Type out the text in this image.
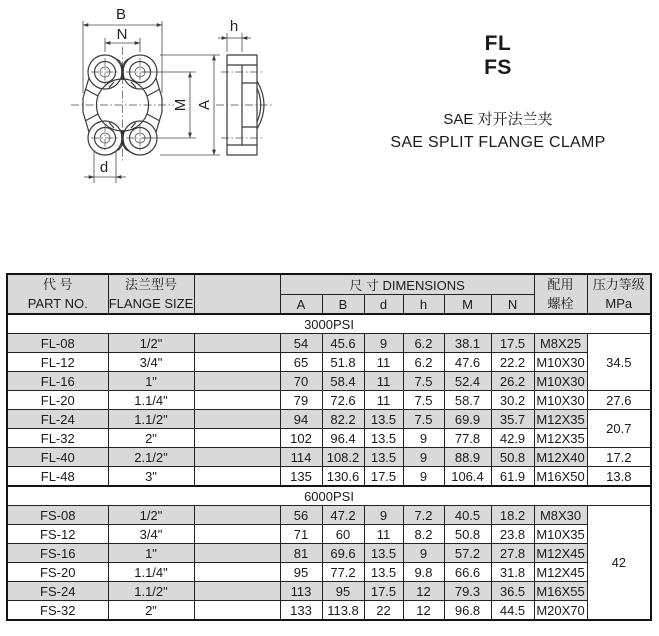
B
N
M A
d
h
FL
FS
SAE 对开法兰夹
SAE SPLIT FLANGE CLAMP
代 号
PART NO.

法兰型号
FLANGE SIZE
		尺 寸 DIMENSIONS	配用
螺栓

压力等级
MPa

			A	B	d	h	M	N		
3000PSI										
FL-08	1/2"		54	45.6	9	6.2	38.1	17.5	M8X25	34.5
FL-12	3/4"		65	51.8	11	6.2	47.6	22.2	M10X30	
FL-16	1"		70	58.4	11	7.5	52.4	26.2	M10X30	
FL-20	1.1/4"		79	72.6	11	7.5	58.7	30.2	M10X30	27.6
FL-24	1.1/2"		94	82.2	13.5	7.5	69.9	35.7	M12X35	20.7
FL-32	2"		102	96.4	13.5	9	77.8	42.9	M12X35	
FL-40	2.1/2"		114	108.2	13.5	9	88.9	50.8	M12X40	17.2
FL-48	3"		135	130.6	17.5	9	106.4	61.9	M16X50	13.8
6000PSI										
FS-08	1/2"		56	47.2	9	7.2	40.5	18.2	M8X30	42
FS-12	3/4"		71	60	11	8.2	50.8	23.8	M10X35	
FS-16	1"		81	69.6	13.5	9	57.2	27.8	M12X45	
FS-20	1.1/4"		95	77.2	13.5	9.8	66.6	31.8	M12X45	
FS-24	1.1/2"		113	95	17.5	12	79.3	36.5	M16X55	
FS-32	2"		133	113.8	22	12	96.8	44.5	M20X70	
